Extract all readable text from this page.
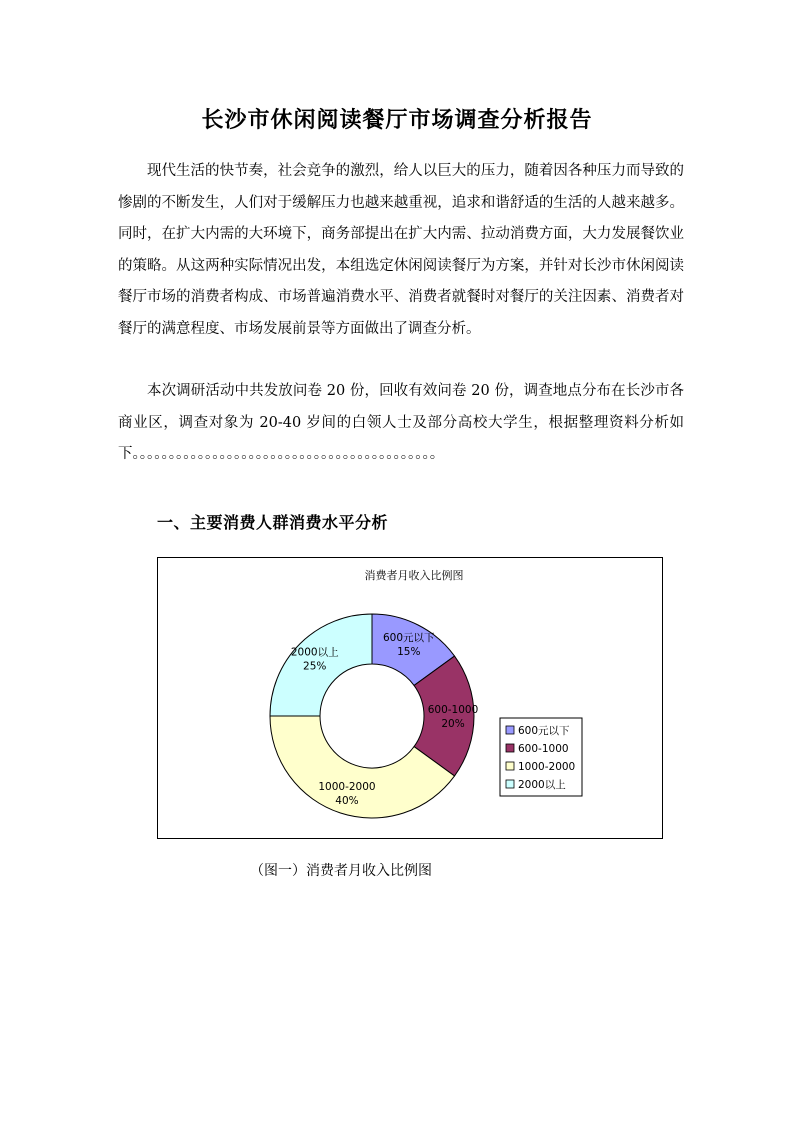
长沙市休闲阅读餐厅市场调查分析报告

现代生活的快节奏，社会竞争的激烈，给人以巨大的压力，随着因各种压力而导致的惨剧的不断发生，人们对于缓解压力也越来越重视，追求和谐舒适的生活的人越来越多。同时，在扩大内需的大环境下，商务部提出在扩大内需、拉动消费方面，大力发展餐饮业的策略。从这两种实际情况出发，本组选定休闲阅读餐厅为方案，并针对长沙市休闲阅读餐厅市场的消费者构成、市场普遍消费水平、消费者就餐时对餐厅的关注因素、消费者对餐厅的满意程度、市场发展前景等方面做出了调查分析。

本次调研活动中共发放问卷 20 份，回收有效问卷 20 份，调查地点分布在长沙市各商业区，调查对象为 20-40 岁间的白领人士及部分高校大学生，根据整理资料分析如下。。。。。。。。。。。。。。。。。。。。。。。。。。。。。。。。。。。。。。。。。。

一、主要消费人群消费水平分析
消费者月收入比例图
600元以下
15%
600-1000
20%
1000-2000
40%
2000以上
25%
600元以下
600-1000
1000-2000
2000以上
（图一）消费者月收入比例图
